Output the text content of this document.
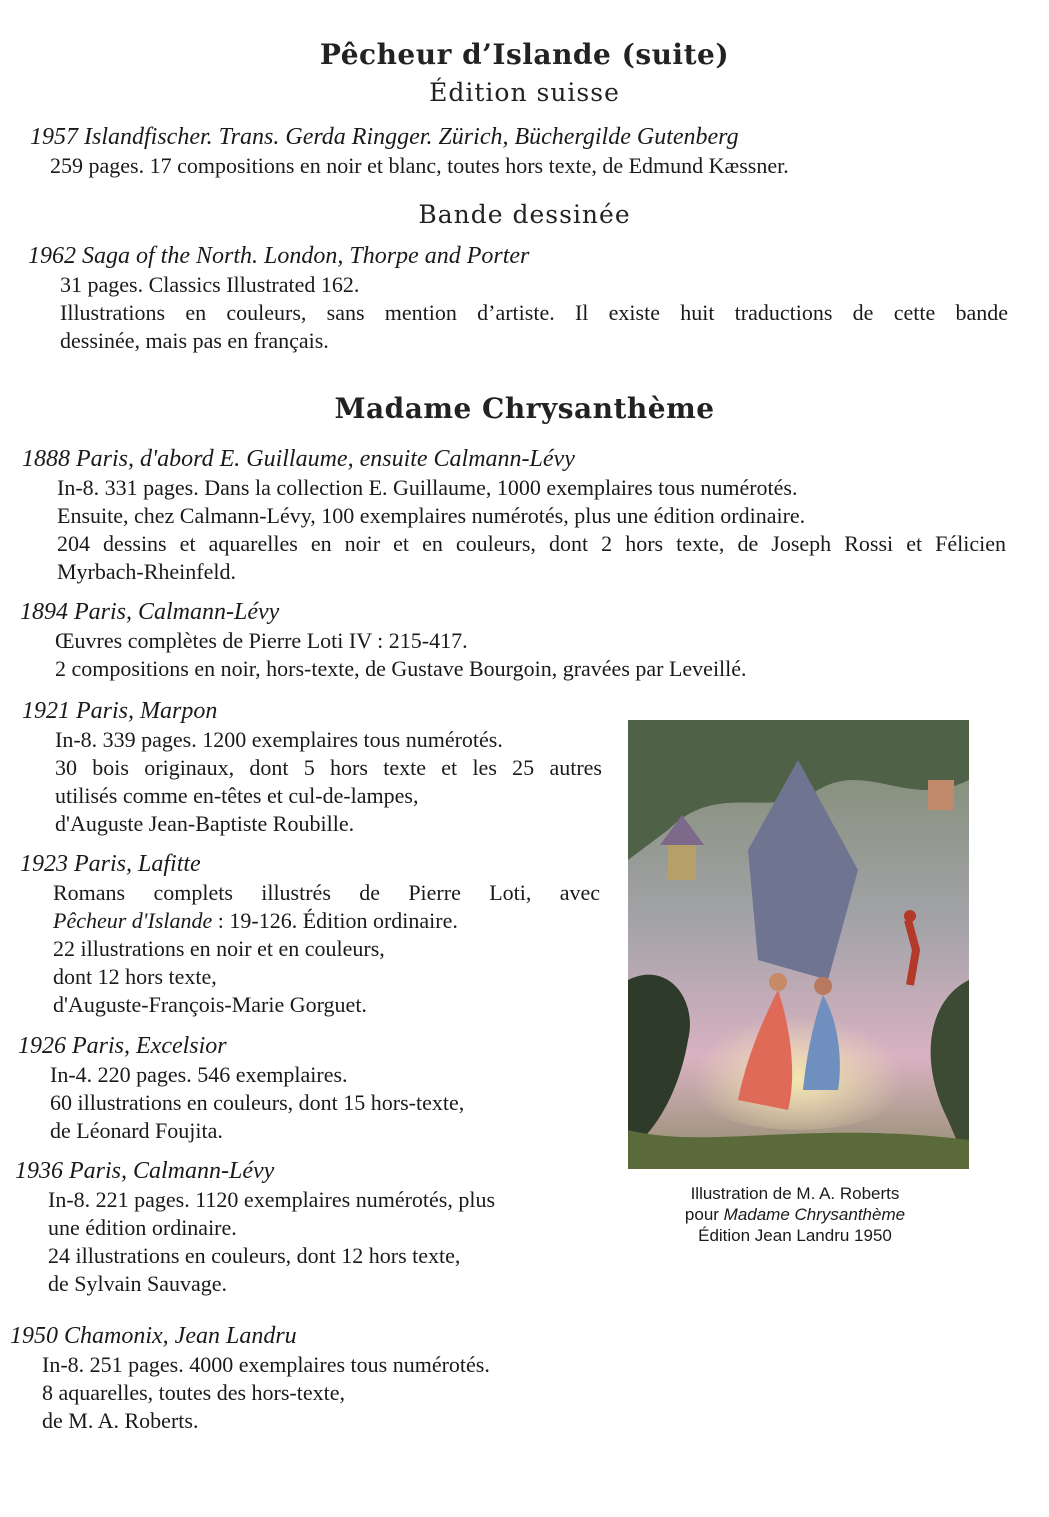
Pêcheur d’Islande (suite)
Édition suisse
1957 Islandfischer. Trans. Gerda Ringger. Zürich, Büchergilde Gutenberg
259 pages. 17 compositions en noir et blanc, toutes hors texte, de Edmund Kæssner.
Bande dessinée
1962 Saga of the North. London, Thorpe and Porter
31 pages. Classics Illustrated 162.
Illustrations en couleurs, sans mention d’artiste. Il existe huit traductions de cette bande
dessinée, mais pas en français.
Madame Chrysanthème
1888 Paris, d'abord E. Guillaume, ensuite Calmann-Lévy
In-8. 331 pages. Dans la collection E. Guillaume, 1000 exemplaires tous numérotés.
Ensuite, chez Calmann-Lévy, 100 exemplaires numérotés, plus une édition ordinaire.
204 dessins et aquarelles en noir et en couleurs, dont 2 hors texte, de Joseph Rossi et Félicien
Myrbach-Rheinfeld.
1894 Paris, Calmann-Lévy
Œuvres complètes de Pierre Loti IV : 215-417.
2 compositions en noir, hors-texte, de Gustave Bourgoin, gravées par Leveillé.
1921 Paris, Marpon
In-8. 339 pages. 1200 exemplaires tous numérotés.
30 bois originaux, dont 5 hors texte et les 25 autres
utilisés comme en-têtes et cul-de-lampes,
d'Auguste Jean-Baptiste Roubille.
1923 Paris, Lafitte
Romans complets illustrés de Pierre Loti, avec
Pêcheur d'Islande : 19-126. Édition ordinaire.
22 illustrations en noir et en couleurs,
dont 12 hors texte,
d'Auguste-François-Marie Gorguet.
1926 Paris, Excelsior
In-4. 220 pages. 546 exemplaires.
60 illustrations en couleurs, dont 15 hors-texte,
de Léonard Foujita.
1936 Paris, Calmann-Lévy
In-8. 221 pages. 1120 exemplaires numérotés, plus
une édition ordinaire.
24 illustrations en couleurs, dont 12 hors texte,
de Sylvain Sauvage.
1950 Chamonix, Jean Landru
In-8. 251 pages. 4000 exemplaires tous numérotés.
8 aquarelles, toutes des hors-texte,
de M. A. Roberts.
Illustration de M. A. Roberts
pour Madame Chrysanthème
Édition Jean Landru 1950
